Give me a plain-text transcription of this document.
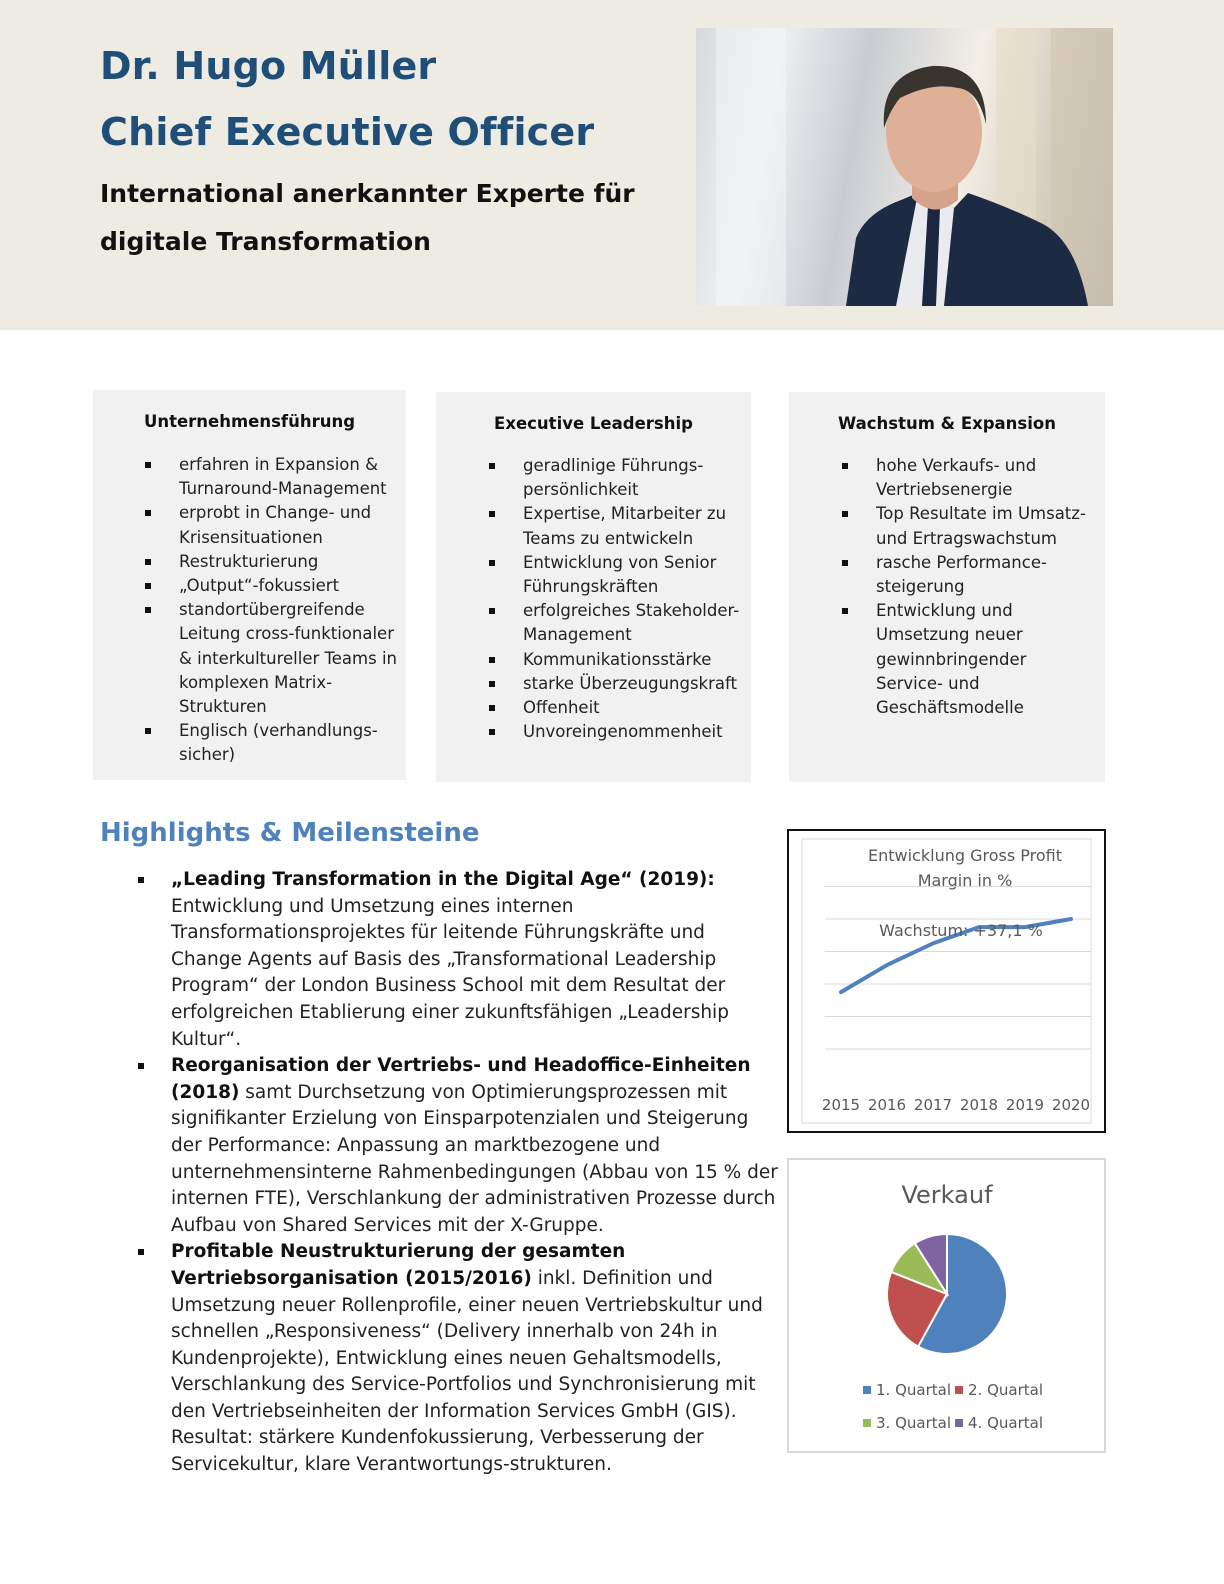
Dr. Hugo Müller
Chief Executive Officer

International anerkannter Experte für
digitale Transformation

Unternehmensführung
erfahren in Expansion & Turnaround-Management
erprobt in Change- und Krisensituationen
Restrukturierung
„Output“-fokussiert
standortübergreifende Leitung cross-funktionaler & interkultureller Teams in komplexen Matrix-Strukturen
Englisch (verhandlungs-sicher)
Executive Leadership
geradlinige Führungs-persönlichkeit
Expertise, Mitarbeiter zu Teams zu entwickeln
Entwicklung von Senior Führungskräften
erfolgreiches Stakeholder-Management
Kommunikationsstärke
starke Überzeugungskraft
Offenheit
Unvoreingenommenheit
Wachstum & Expansion
hohe Verkaufs- und Vertriebsenergie
Top Resultate im Umsatz- und Ertragswachstum
rasche Performance-steigerung
Entwicklung und Umsetzung neuer gewinnbringender Service- und Geschäftsmodelle
Highlights & Meilensteine
„Leading Transformation in the Digital Age“ (2019): Entwicklung und Umsetzung eines internen Transformationsprojektes für leitende Führungskräfte und Change Agents auf Basis des „Transformational Leadership Program“ der London Business School mit dem Resultat der erfolgreichen Etablierung einer zukunftsfähigen „Leadership Kultur“.
Reorganisation der Vertriebs- und Headoffice-Einheiten (2018) samt Durchsetzung von Optimierungsprozessen mit signifikanter Erzielung von Einsparpotenzialen und Steigerung der Performance: Anpassung an marktbezogene und unternehmensinterne Rahmenbedingungen (Abbau von 15 % der internen FTE), Verschlankung der administrativen Prozesse durch Aufbau von Shared Services mit der X-Gruppe.
Profitable Neustrukturierung der gesamten Vertriebsorganisation (2015/2016) inkl. Definition und Umsetzung neuer Rollenprofile, einer neuen Vertriebskultur und schnellen „Responsiveness“ (Delivery innerhalb von 24h in Kundenprojekte), Entwicklung eines neuen Gehaltsmodells, Verschlankung des Service-Portfolios und Synchronisierung mit den Vertriebseinheiten der Information Services GmbH (GIS). Resultat: stärkere Kundenfokussierung, Verbesserung der Servicekultur, klare Verantwortungs-strukturen.
Entwicklung Gross Profit
Margin in %
Wachstum: +37,1 %
2015 2016 2017 2018 2019 2020
Verkauf
1. Quartal 2. Quartal
3. Quartal 4. Quartal
